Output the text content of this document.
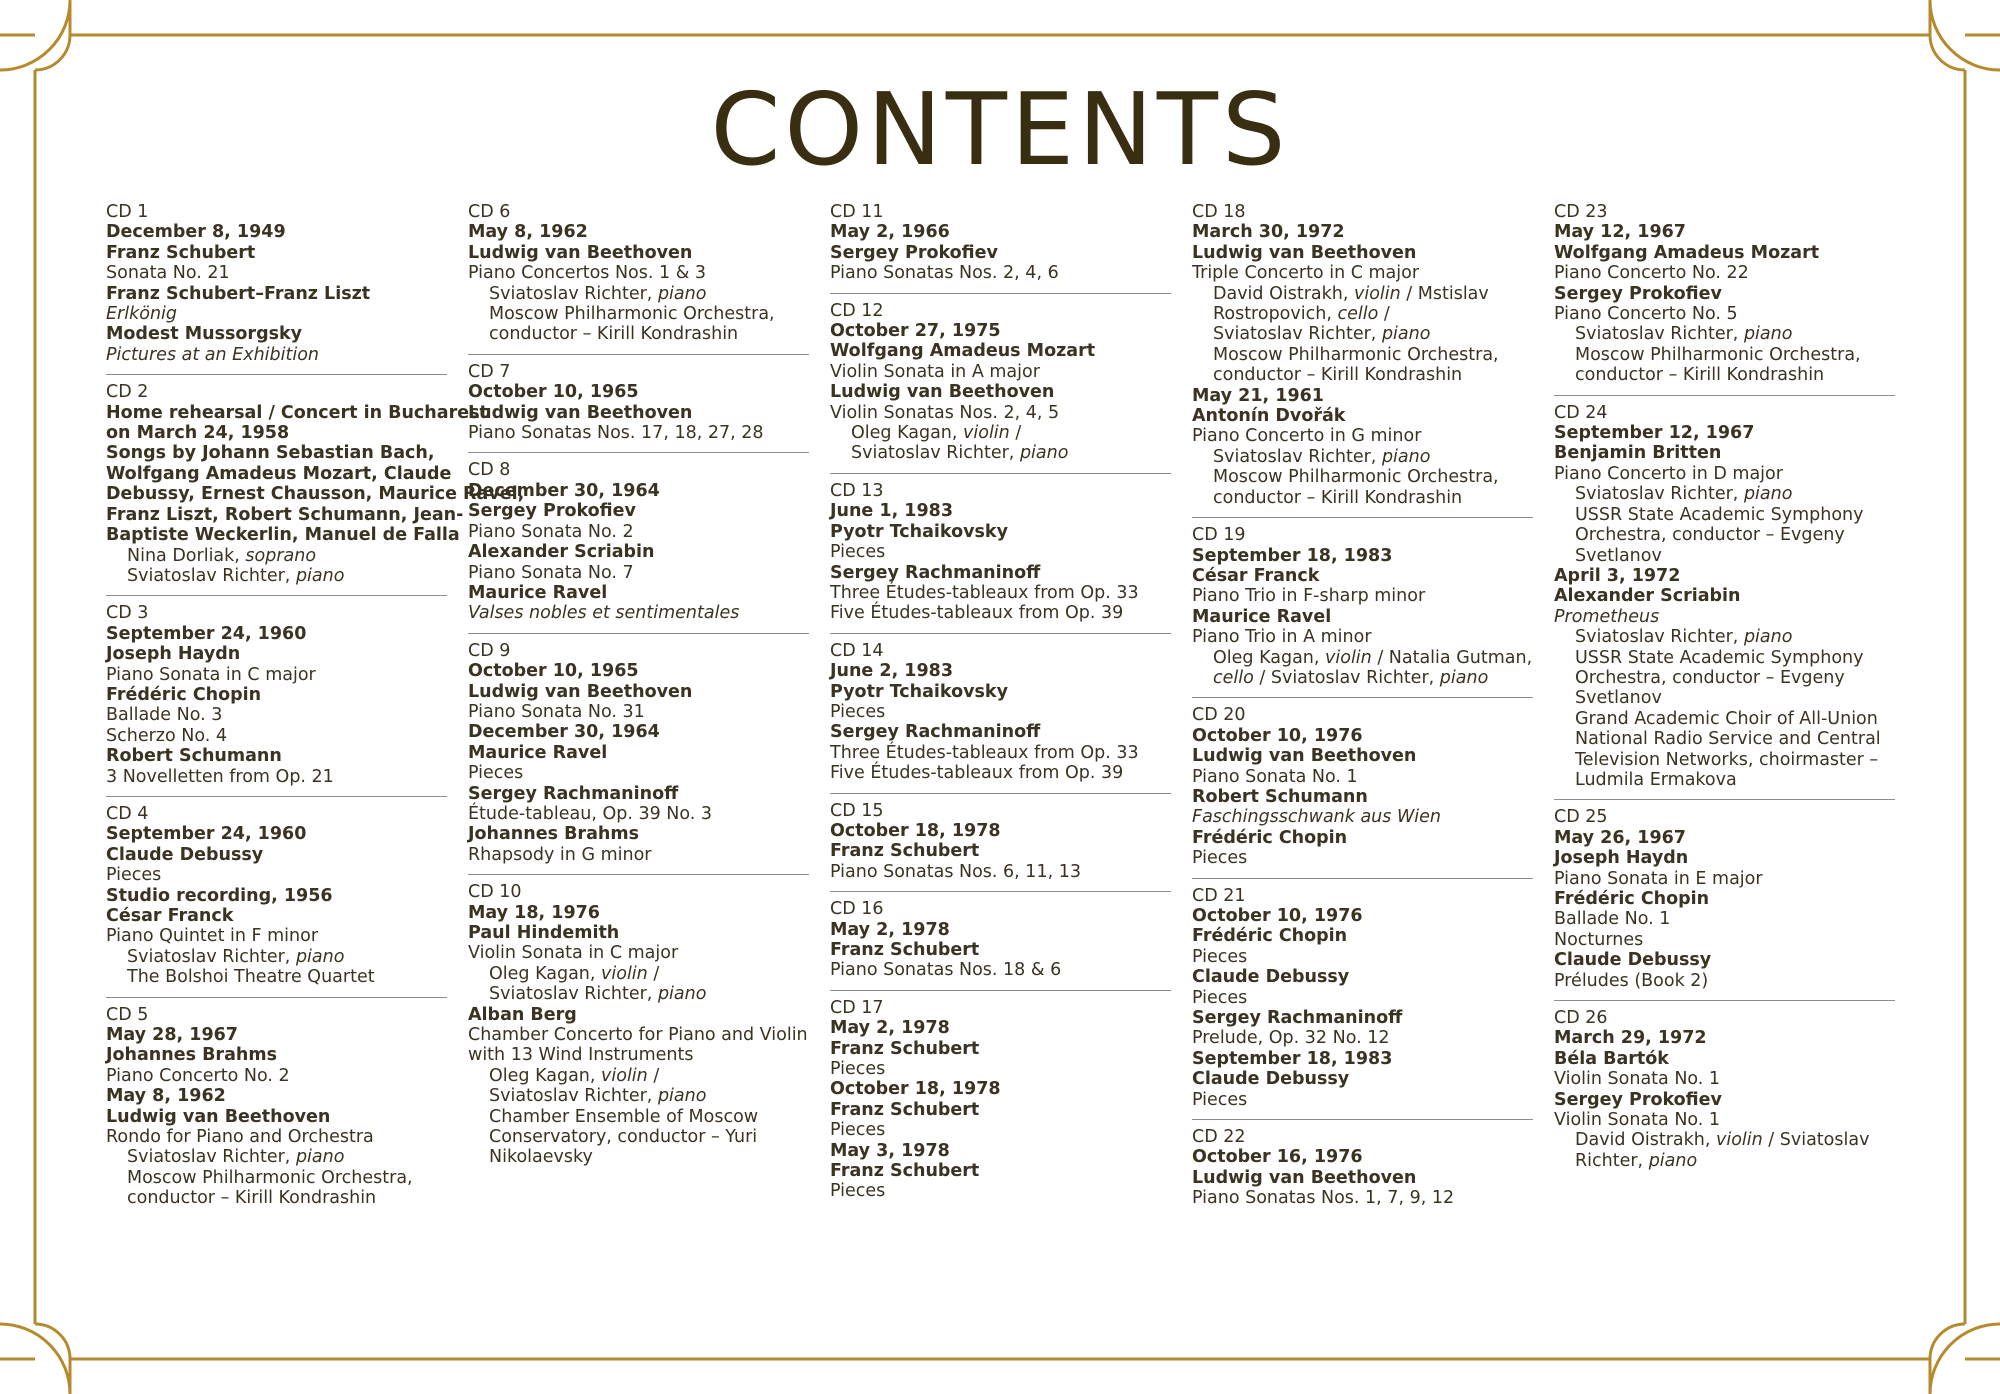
CONTENTS
CD 1
December 8, 1949
Franz Schubert
Sonata No. 21
Franz Schubert–Franz Liszt
Erlkönig
Modest Mussorgsky
Pictures at an Exhibition
CD 2
Home rehearsal / Concert in Bucharest
on March 24, 1958
Songs by Johann Sebastian Bach,
Wolfgang Amadeus Mozart, Claude
Debussy, Ernest Chausson, Maurice Ravel,
Franz Liszt, Robert Schumann, Jean-
Baptiste Weckerlin, Manuel de Falla
Nina Dorliak, soprano
Sviatoslav Richter, piano
CD 3
September 24, 1960
Joseph Haydn
Piano Sonata in C major
Frédéric Chopin
Ballade No. 3
Scherzo No. 4
Robert Schumann
3 Novelletten from Op. 21
CD 4
September 24, 1960
Claude Debussy
Pieces
Studio recording, 1956
César Franck
Piano Quintet in F minor
Sviatoslav Richter, piano
The Bolshoi Theatre Quartet
CD 5
May 28, 1967
Johannes Brahms
Piano Concerto No. 2
May 8, 1962
Ludwig van Beethoven
Rondo for Piano and Orchestra
Sviatoslav Richter, piano
Moscow Philharmonic Orchestra,
conductor – Kirill Kondrashin
CD 6
May 8, 1962
Ludwig van Beethoven
Piano Concertos Nos. 1 & 3
Sviatoslav Richter, piano
Moscow Philharmonic Orchestra,
conductor – Kirill Kondrashin
CD 7
October 10, 1965
Ludwig van Beethoven
Piano Sonatas Nos. 17, 18, 27, 28
CD 8
December 30, 1964
Sergey Prokofiev
Piano Sonata No. 2
Alexander Scriabin
Piano Sonata No. 7
Maurice Ravel
Valses nobles et sentimentales
CD 9
October 10, 1965
Ludwig van Beethoven
Piano Sonata No. 31
December 30, 1964
Maurice Ravel
Pieces
Sergey Rachmaninoff
Étude-tableau, Op. 39 No. 3
Johannes Brahms
Rhapsody in G minor
CD 10
May 18, 1976
Paul Hindemith
Violin Sonata in C major
Oleg Kagan, violin /
Sviatoslav Richter, piano
Alban Berg
Chamber Concerto for Piano and Violin
with 13 Wind Instruments
Oleg Kagan, violin /
Sviatoslav Richter, piano
Chamber Ensemble of Moscow
Conservatory, conductor – Yuri
Nikolaevsky
CD 11
May 2, 1966
Sergey Prokofiev
Piano Sonatas Nos. 2, 4, 6
CD 12
October 27, 1975
Wolfgang Amadeus Mozart
Violin Sonata in A major
Ludwig van Beethoven
Violin Sonatas Nos. 2, 4, 5
Oleg Kagan, violin /
Sviatoslav Richter, piano
CD 13
June 1, 1983
Pyotr Tchaikovsky
Pieces
Sergey Rachmaninoff
Three Études-tableaux from Op. 33
Five Études-tableaux from Op. 39
CD 14
June 2, 1983
Pyotr Tchaikovsky
Pieces
Sergey Rachmaninoff
Three Études-tableaux from Op. 33
Five Études-tableaux from Op. 39
CD 15
October 18, 1978
Franz Schubert
Piano Sonatas Nos. 6, 11, 13
CD 16
May 2, 1978
Franz Schubert
Piano Sonatas Nos. 18 & 6
CD 17
May 2, 1978
Franz Schubert
Pieces
October 18, 1978
Franz Schubert
Pieces
May 3, 1978
Franz Schubert
Pieces
CD 18
March 30, 1972
Ludwig van Beethoven
Triple Concerto in C major
David Oistrakh, violin / Mstislav
Rostropovich, cello /
Sviatoslav Richter, piano
Moscow Philharmonic Orchestra,
conductor – Kirill Kondrashin
May 21, 1961
Antonín Dvořák
Piano Concerto in G minor
Sviatoslav Richter, piano
Moscow Philharmonic Orchestra,
conductor – Kirill Kondrashin
CD 19
September 18, 1983
César Franck
Piano Trio in F-sharp minor
Maurice Ravel
Piano Trio in A minor
Oleg Kagan, violin / Natalia Gutman,
cello / Sviatoslav Richter, piano
CD 20
October 10, 1976
Ludwig van Beethoven
Piano Sonata No. 1
Robert Schumann
Faschingsschwank aus Wien
Frédéric Chopin
Pieces
CD 21
October 10, 1976
Frédéric Chopin
Pieces
Claude Debussy
Pieces
Sergey Rachmaninoff
Prelude, Op. 32 No. 12
September 18, 1983
Claude Debussy
Pieces
CD 22
October 16, 1976
Ludwig van Beethoven
Piano Sonatas Nos. 1, 7, 9, 12
CD 23
May 12, 1967
Wolfgang Amadeus Mozart
Piano Concerto No. 22
Sergey Prokofiev
Piano Concerto No. 5
Sviatoslav Richter, piano
Moscow Philharmonic Orchestra,
conductor – Kirill Kondrashin
CD 24
September 12, 1967
Benjamin Britten
Piano Concerto in D major
Sviatoslav Richter, piano
USSR State Academic Symphony
Orchestra, conductor – Evgeny
Svetlanov
April 3, 1972
Alexander Scriabin
Prometheus
Sviatoslav Richter, piano
USSR State Academic Symphony
Orchestra, conductor – Evgeny
Svetlanov
Grand Academic Choir of All-Union
National Radio Service and Central
Television Networks, choirmaster –
Ludmila Ermakova
CD 25
May 26, 1967
Joseph Haydn
Piano Sonata in E major
Frédéric Chopin
Ballade No. 1
Nocturnes
Claude Debussy
Préludes (Book 2)
CD 26
March 29, 1972
Béla Bartók
Violin Sonata No. 1
Sergey Prokofiev
Violin Sonata No. 1
David Oistrakh, violin / Sviatoslav
Richter, piano
